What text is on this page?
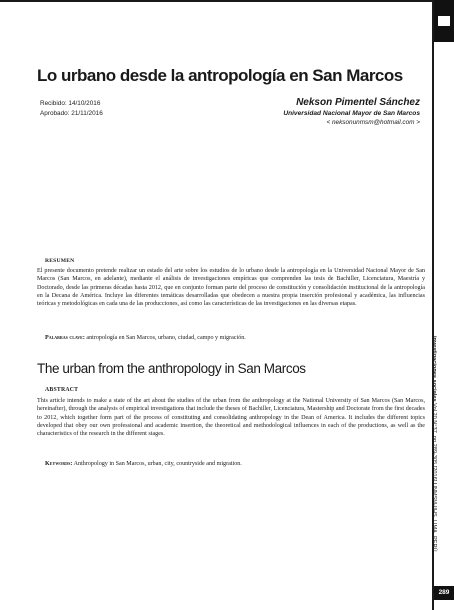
Lo urbano desde la antropología en San Marcos
Recibido: 14/10/2016
Aprobado: 21/11/2016
Nekson Pimentel Sánchez
Universidad Nacional Mayor de San Marcos
< neksonunmsm@hotmail.com >
RESUMEN

El presente documento pretende realizar un estado del arte sobre los estudios de lo urbano desde la antropología en la Universidad Nacional Mayor de San Marcos (San Marcos, en adelante), mediante el análisis de investigaciones empíricas que comprenden las tesis de Bachiller, Licenciatura, Maestría y Doctorado, desde las primeras décadas hasta 2012, que en conjunto forman parte del proceso de constitución y consolidación institucional de la antropología en la Decana de América. Incluye las diferentes temáticas desarrolladas que obedecen a nuestra propia inserción profesional y académica, las influencias teóricas y metodológicas en cada una de las producciones, así como las características de las investigaciones en las diversas etapas.

Palabras clave: antropología en San Marcos, urbano, ciudad, campo y migración.
The urban from the anthropology in San Marcos
ABSTRACT

This article intends to make a state of the art about the studies of the urban from the anthropology at the National University of San Marcos (San Marcos, hereinafter), through the analysis of empirical investigations that include the theses of Bachiller, Licenciatura, Mastership and Doctorate from the first decades to 2012, which together form part of the process of constituting and consolidating anthropology in the Dean of America. It includes the different topics developed that obey our own professional and academic insertion, the theoretical and methodological influences in each of the productions, as well as the characteristics of the research in the different stages.

Keywords: Anthropology in San Marcos, urban, city, countryside and migration.
investigaciones sociales Vol.20 N°37, pp.289-305 [2016] UNMSM-IIHS. LIMA, PERÚ
289
